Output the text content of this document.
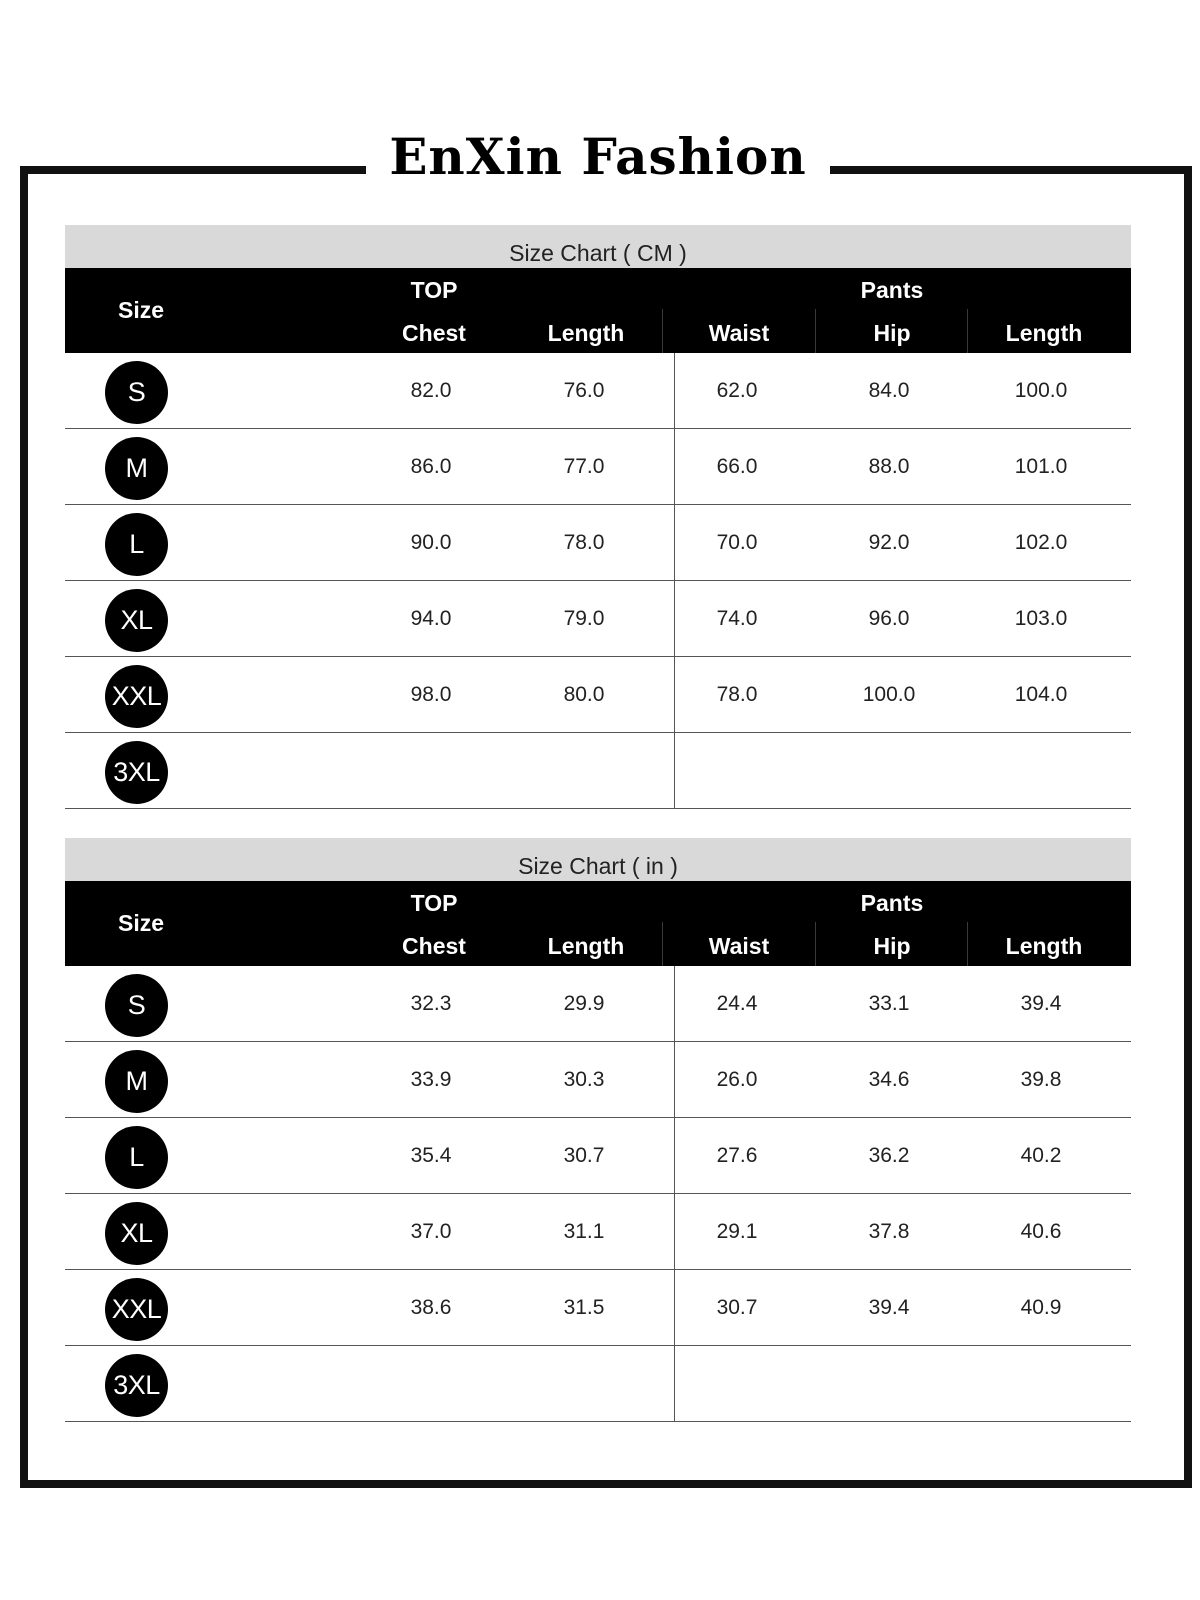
EnXin Fashion
Size Chart ( CM )
Size
TOP	Pants
Chest	Length	Waist	Hip	Length
S	82.0	76.0	62.0	84.0	100.0
M	86.0	77.0	66.0	88.0	101.0
L	90.0	78.0	70.0	92.0	102.0
XL	94.0	79.0	74.0	96.0	103.0
XXL	98.0	80.0	78.0	100.0	104.0
3XL
Size Chart ( in )
Size
TOP	Pants
Chest	Length	Waist	Hip	Length
S	32.3	29.9	24.4	33.1	39.4
M	33.9	30.3	26.0	34.6	39.8
L	35.4	30.7	27.6	36.2	40.2
XL	37.0	31.1	29.1	37.8	40.6
XXL	38.6	31.5	30.7	39.4	40.9
3XL
